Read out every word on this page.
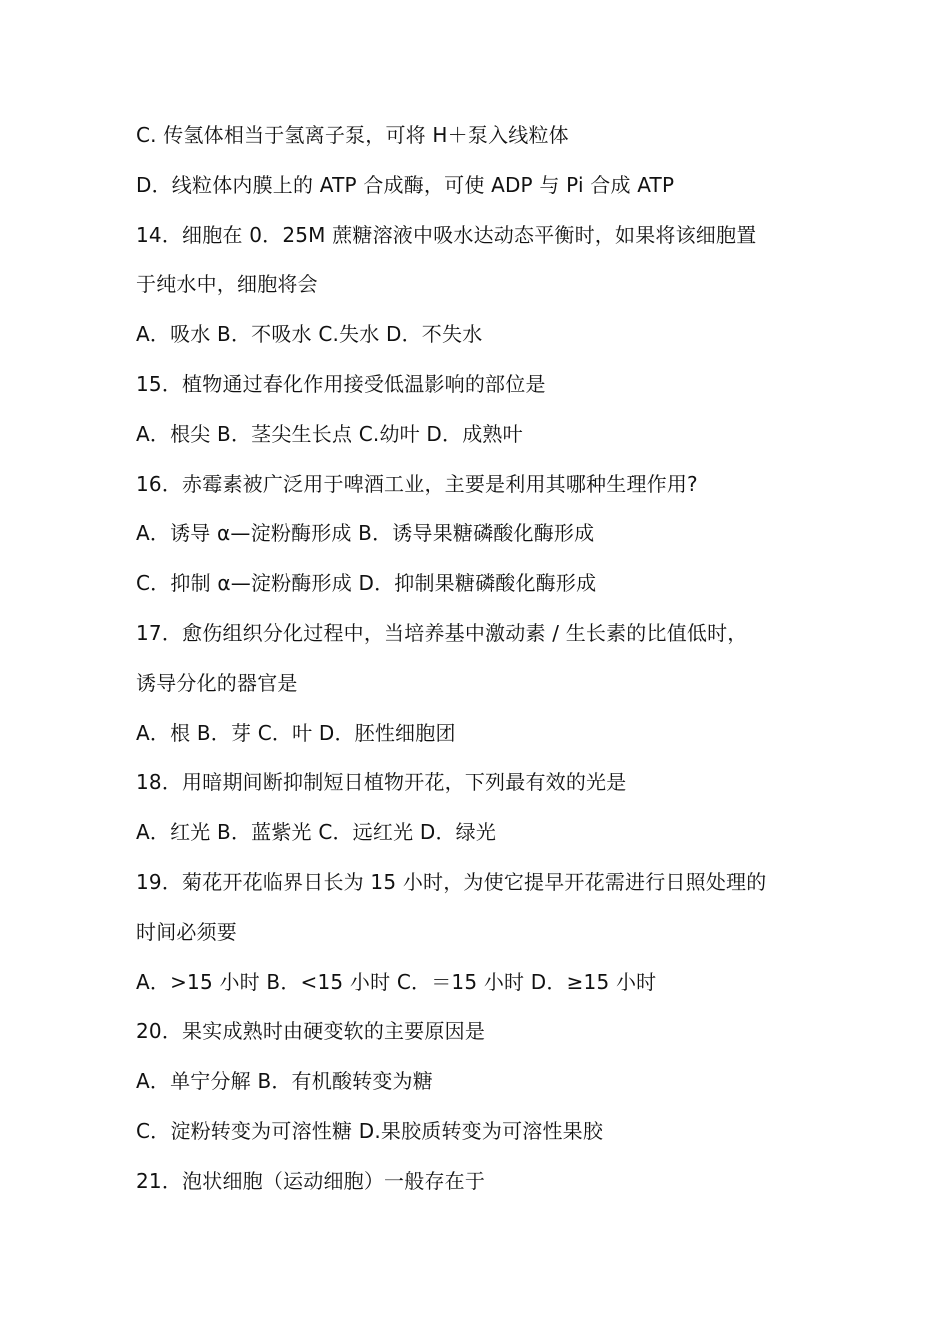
C. 传氢体相当于氢离子泵，可将 H＋泵入线粒体
D．线粒体内膜上的 ATP 合成酶，可使 ADP 与 Pi 合成 ATP
14．细胞在 0．25M 蔗糖溶液中吸水达动态平衡时，如果将该细胞置
于纯水中，细胞将会
A．吸水 B．不吸水 C.失水 D．不失水
15．植物通过春化作用接受低温影响的部位是
A．根尖 B．茎尖生长点 C.幼叶 D．成熟叶
16．赤霉素被广泛用于啤酒工业，主要是利用其哪种生理作用?
A．诱导 α—淀粉酶形成 B．诱导果糖磷酸化酶形成
C．抑制 α—淀粉酶形成 D．抑制果糖磷酸化酶形成
17．愈伤组织分化过程中，当培养基中激动素 / 生长素的比值低时，
诱导分化的器官是
A．根 B．芽 C．叶 D．胚性细胞团
18．用暗期间断抑制短日植物开花，下列最有效的光是
A．红光 B．蓝紫光 C．远红光 D．绿光
19．菊花开花临界日长为 15 小时，为使它提早开花需进行日照处理的
时间必须要
A．>15 小时 B．<15 小时 C．＝15 小时 D．≥15 小时
20．果实成熟时由硬变软的主要原因是
A．单宁分解 B．有机酸转变为糖
C．淀粉转变为可溶性糖 D.果胶质转变为可溶性果胶
21．泡状细胞（运动细胞）一般存在于
